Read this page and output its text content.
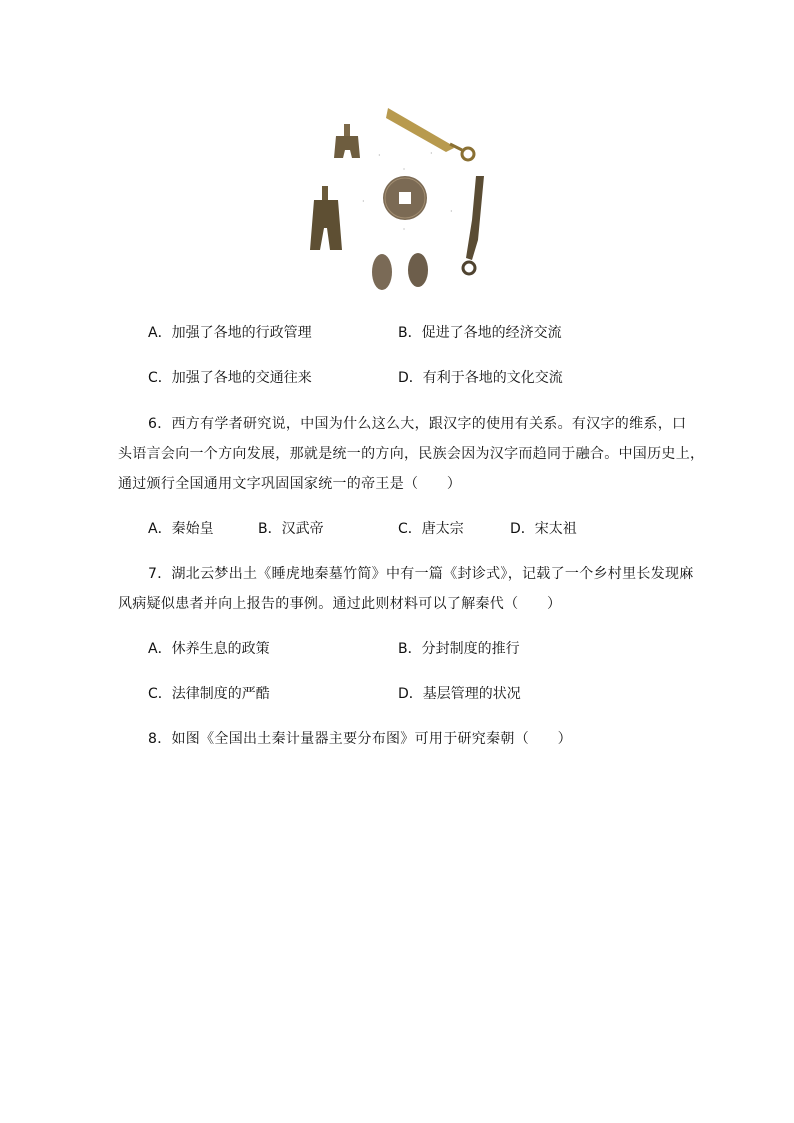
·
·	·
·
·
·
A．加强了各地的行政管理	B．促进了各地的经济交流
C．加强了各地的交通往来	D．有利于各地的文化交流
6．西方有学者研究说，中国为什么这么大，跟汉字的使用有关系。有汉字的维系，口
头语言会向一个方向发展，那就是统一的方向，民族会因为汉字而趋同于融合。中国历史上，
通过颁行全国通用文字巩固国家统一的帝王是（　　）
A．秦始皇	B．汉武帝	C．唐太宗	D．宋太祖
7．湖北云梦出土《睡虎地秦墓竹简》中有一篇《封诊式》，记载了一个乡村里长发现麻
风病疑似患者并向上报告的事例。通过此则材料可以了解秦代（　　）
A．休养生息的政策	B．分封制度的推行
C．法律制度的严酷	D．基层管理的状况
8．如图《全国出土秦计量器主要分布图》可用于研究秦朝（　　）
